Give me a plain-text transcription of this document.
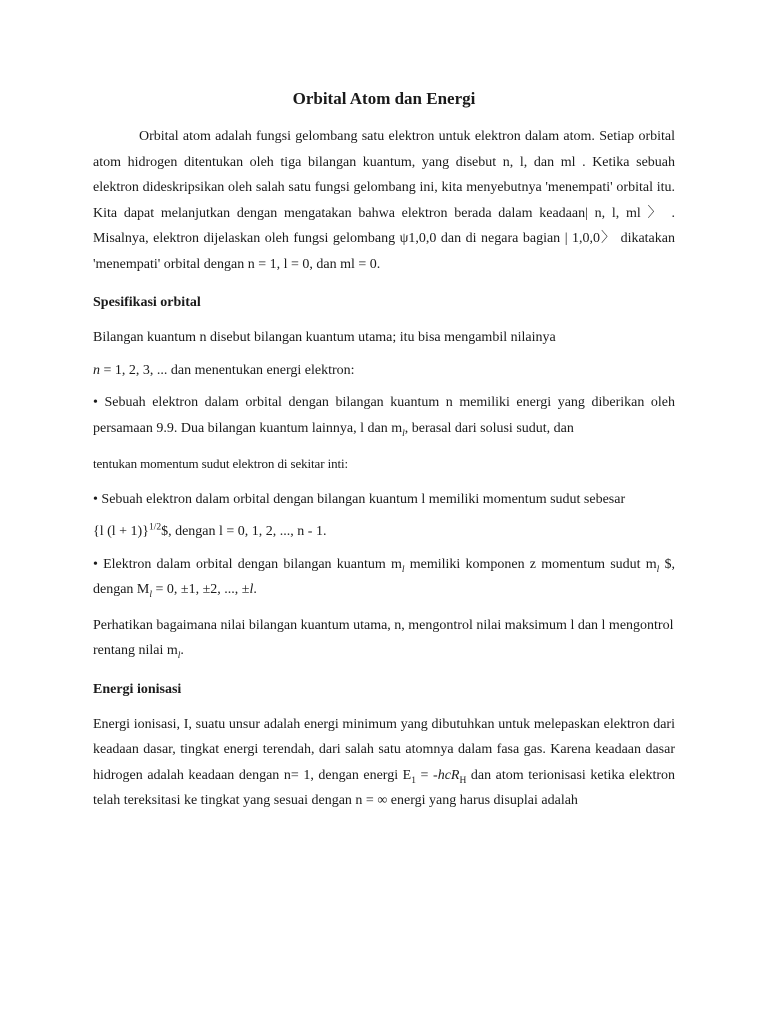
Orbital Atom dan Energi

Orbital atom adalah fungsi gelombang satu elektron untuk elektron dalam atom. Setiap orbital atom hidrogen ditentukan oleh tiga bilangan kuantum, yang disebut n, l, dan ml . Ketika sebuah elektron dideskripsikan oleh salah satu fungsi gelombang ini, kita menyebutnya 'menempati' orbital itu. Kita dapat melanjutkan dengan mengatakan bahwa elektron berada dalam keadaan| n, l, ml 〉 . Misalnya, elektron dijelaskan oleh fungsi gelombang ψ1,0,0 dan di negara bagian | 1,0,0〉 dikatakan 'menempati' orbital dengan n = 1, l = 0, dan ml = 0.

Spesifikasi orbital

Bilangan kuantum n disebut bilangan kuantum utama; itu bisa mengambil nilainya

n = 1, 2, 3, ... dan menentukan energi elektron:

• Sebuah elektron dalam orbital dengan bilangan kuantum n memiliki energi yang diberikan oleh persamaan 9.9. Dua bilangan kuantum lainnya, l dan $m_l$, berasal dari solusi sudut, dan

tentukan momentum sudut elektron di sekitar inti:

• Sebuah elektron dalam orbital dengan bilangan kuantum l memiliki momentum sudut sebesar

{l (l + 1)}$^{1/2}$\$, dengan l = 0, 1, 2, ..., n - 1.

• Elektron dalam orbital dengan bilangan kuantum $m_l$ memiliki komponen z momentum sudut $m_l$ $, dengan $M_l = 0$, ±1, ±2, ..., ±l.

Perhatikan bagaimana nilai bilangan kuantum utama, n, mengontrol nilai maksimum l dan l mengontrol rentang nilai $m_l$.

Energi ionisasi

Energi ionisasi, I, suatu unsur adalah energi minimum yang dibutuhkan untuk melepaskan elektron dari keadaan dasar, tingkat energi terendah, dari salah satu atomnya dalam fasa gas. Karena keadaan dasar hidrogen adalah keadaan dengan n= 1, dengan energi $E_1 = -hcR_H$ dan atom terionisasi ketika elektron telah tereksitasi ke tingkat yang sesuai dengan n = ∞ energi yang harus disuplai adalah
